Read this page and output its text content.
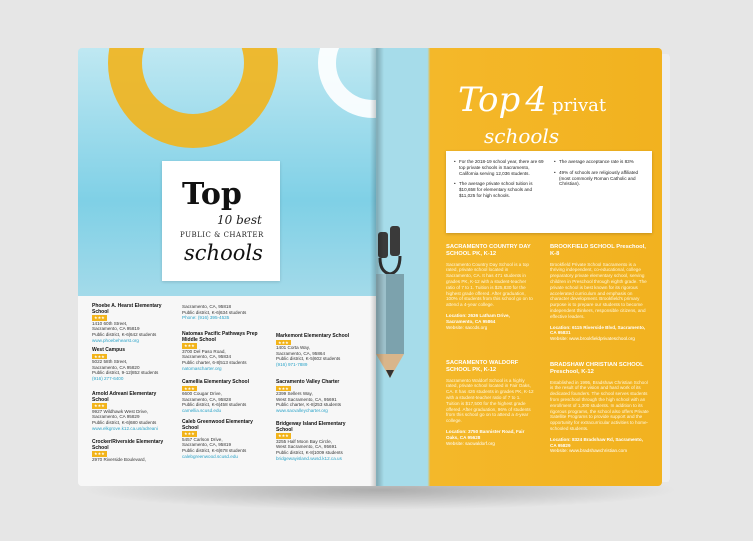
Top
10 best
PUBLIC & CHARTER
schools
Phoebe A. Hearst Elementary School
★★★
1410 60th Street,
Sacramento, CA 95819
Public district, K-6|642 students
www.phoebehearst.org
West Campus
★★★
5022 58th Street,
Sacramento, CA 95820
Public district, 9-12|852 students
(916) 277-6400
Arnold Adreani Elementary School
★★★
9927 Wildhawk West Drive,
Sacramento, CA 95829
Public district, K-6|680 students
www.elkgrove.k12.ca.us/adreani
Crocker/Riverside Elementary School
★★★
2970 Riverside Boulevard,
Sacramento, CA, 95818
Public district, K-6|634 students
Phone: (916) 395-4535
Natomas Pacific Pathways Prep Middle School
★★★
3700 Del Paso Road,
Sacramento, CA, 95834
Public charter, 6-8|513 students
natomascharter.org
Camellia Elementary School
★★★
6600 Cougar Drive,
Sacramento, CA, 95828
Public district, K-6|458 students
camellia.scusd.edu
Caleb Greenwood Elementary School
★★★
5457 Carlson Drive,
Sacramento, CA, 95819
Public district, K-6|678 students
calebgreenwood.scusd.edu
Markemont Elementary School
★★★
1401 Corta Way,
Sacramento, CA, 95864
Public district, K-5|602 students
(916) 971-7889
Sacramento Valley Charter
★★★
2399 Sellers Way,
West Sacramento, CA, 95691
Public charter, K-8|253 students
www.sacvalleycharter.org
Bridgeway Island Elementary School
★★★
3255 Half Moon Bay Circle,
West Sacramento, CA, 95691
Public district, K-8|1009 students
bridgewayisland.wusd.k12.ca.us
Top 4 privat
schools

• For the 2018-19 school year, there are 69 top private schools in Sacramento, California serving 12,036 students.

• The average private school tuition is $10,658 for elementary schools and $11,025 for high schools.

• The average acceptance rate is 83%

• 49% of schools are religiously affiliated (most commonly Roman Catholic and Christian).

SACRAMENTO COUNTRY DAY SCHOOL PK, K-12
Sacramento Country Day School is a top rated, private school located in Sacramento, CA. It has 471 students in grades PK, K-12 with a student-teacher ratio of 7 to 1. Tuition is $25,830 for the highest grade offered. After graduation, 100% of students from this school go on to attend a 4-year college.
Location: 2636 Latham Drive, Sacramento, CA 95864
Website: saccds.org
SACRAMENTO WALDORF SCHOOL PK, K-12
Sacramento Waldorf School is a highly rated, private school located in Fair Oaks, CA. It has 426 students in grades PK, K-12 with a student-teacher ratio of 7 to 1. Tuition is $17,500 for the highest grade offered. After graduation, 96% of students from this school go on to attend a 4-year college.
Location: 3750 Bannister Road, Fair Oaks, CA 95628
Website: sacwaldorf.org
BROOKFIELD SCHOOL Preschool, K-8
Brookfield Private School Sacramento is a thriving independent, co-educational, college preparatory private elementary school, serving children in Preschool through eighth grade. The private school is best known for its rigorous accelerated curriculum and emphasis on character development. Brookfield's primary purpose is to prepare our students to become independent thinkers, responsible citizens, and effective leaders.
Location: 6115 Riverside Blvd, Sacramento, CA 95831
Website: www.brookfieldprivateschool.org
BRADSHAW CHRISTIAN SCHOOL Preschool, K-12
Established in 1995, Bradshaw Christian School is the result of the vision and hard work of its dedicated founders. The school serves students from preschool through the high school with an enrollment of 1,300 students. In addition to its rigorous programs, the school also offers Private Satellite Programs to provide support and the opportunity for extracurricular activities to home-schooled students.
Location: 8324 Bradshaw Rd, Sacramento, CA 95829
Website: www.bradshawchristian.com
